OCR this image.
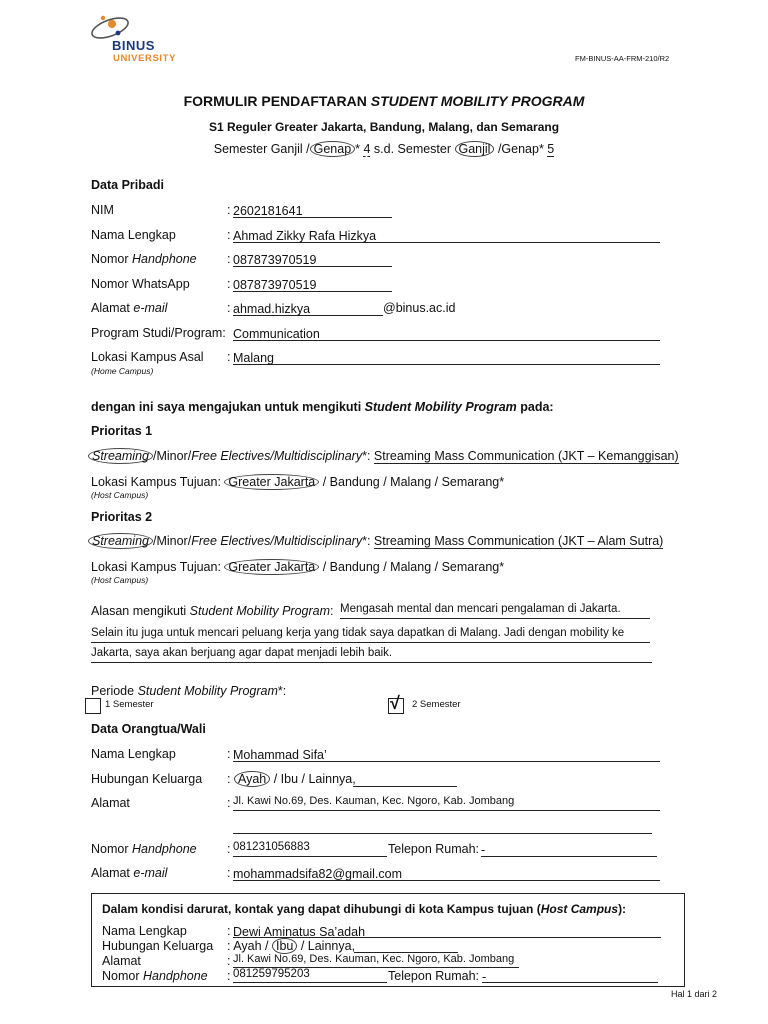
BINUS
UNIVERSITY	FM-BINUS-AA-FRM-210/R2
FORMULIR PENDAFTARAN STUDENT MOBILITY PROGRAM
S1 Reguler Greater Jakarta, Bandung, Malang, dan Semarang
Semester Ganjil / Genap * 4 s.d. Semester Ganjil /Genap* 5
Data Pribadi
NIM	: 2602181641
Nama Lengkap	: Ahmad Zikky Rafa Hizkya
Nomor Handphone : 087873970519
Nomor WhatsApp	: 087873970519
Alamat e-mail	: ahmad.hizkya	@binus.ac.id
Program Studi/Program: Communication
Lokasi Kampus Asal
(Home Campus)
: Malang
dengan ini saya mengajukan untuk mengikuti Student Mobility Program pada:
Prioritas 1
Streaming /Minor/Free Electives/Multidisciplinary*: Streaming Mass Communication (JKT – Kemanggisan)
Lokasi Kampus Tujuan: Greater Jakarta / Bandung / Malang / Semarang*
(Host Campus)
Prioritas 2
Streaming /Minor/Free Electives/Multidisciplinary*: Streaming Mass Communication (JKT – Alam Sutra)
Lokasi Kampus Tujuan: Greater Jakarta / Bandung / Malang / Semarang*
(Host Campus)
Alasan mengikuti Student Mobility Program: Mengasah mental dan mencari pengalaman di Jakarta.
Selain itu juga untuk mencari peluang kerja yang tidak saya dapatkan di Malang. Jadi dengan mobility ke
Jakarta, saya akan berjuang agar dapat menjadi lebih baik.
Periode Student Mobility Program*:
1 Semester	√ 2 Semester
Data Orangtua/Wali
Nama Lengkap	: Mohammad Sifa’
Hubungan Keluarga : Ayah / Ibu / Lainnya,
Alamat	: Jl. Kawi No.69, Des. Kauman, Kec. Ngoro, Kab. Jombang
Nomor Handphone : 081231056883	Telepon Rumah: -
Alamat e-mail	: mohammadsifa82@gmail.com
Dalam kondisi darurat, kontak yang dapat dihubungi di kota Kampus tujuan (Host Campus):
Nama Lengkap	: Dewi Aminatus Sa’adah
Hubungan Keluarga : Ayah / Ibu / Lainnya,
Alamat	: Jl. Kawi No.69, Des. Kauman, Kec. Ngoro, Kab. Jombang
Nomor Handphone : 081259795203	Telepon Rumah: -
Hal 1 dari 2
